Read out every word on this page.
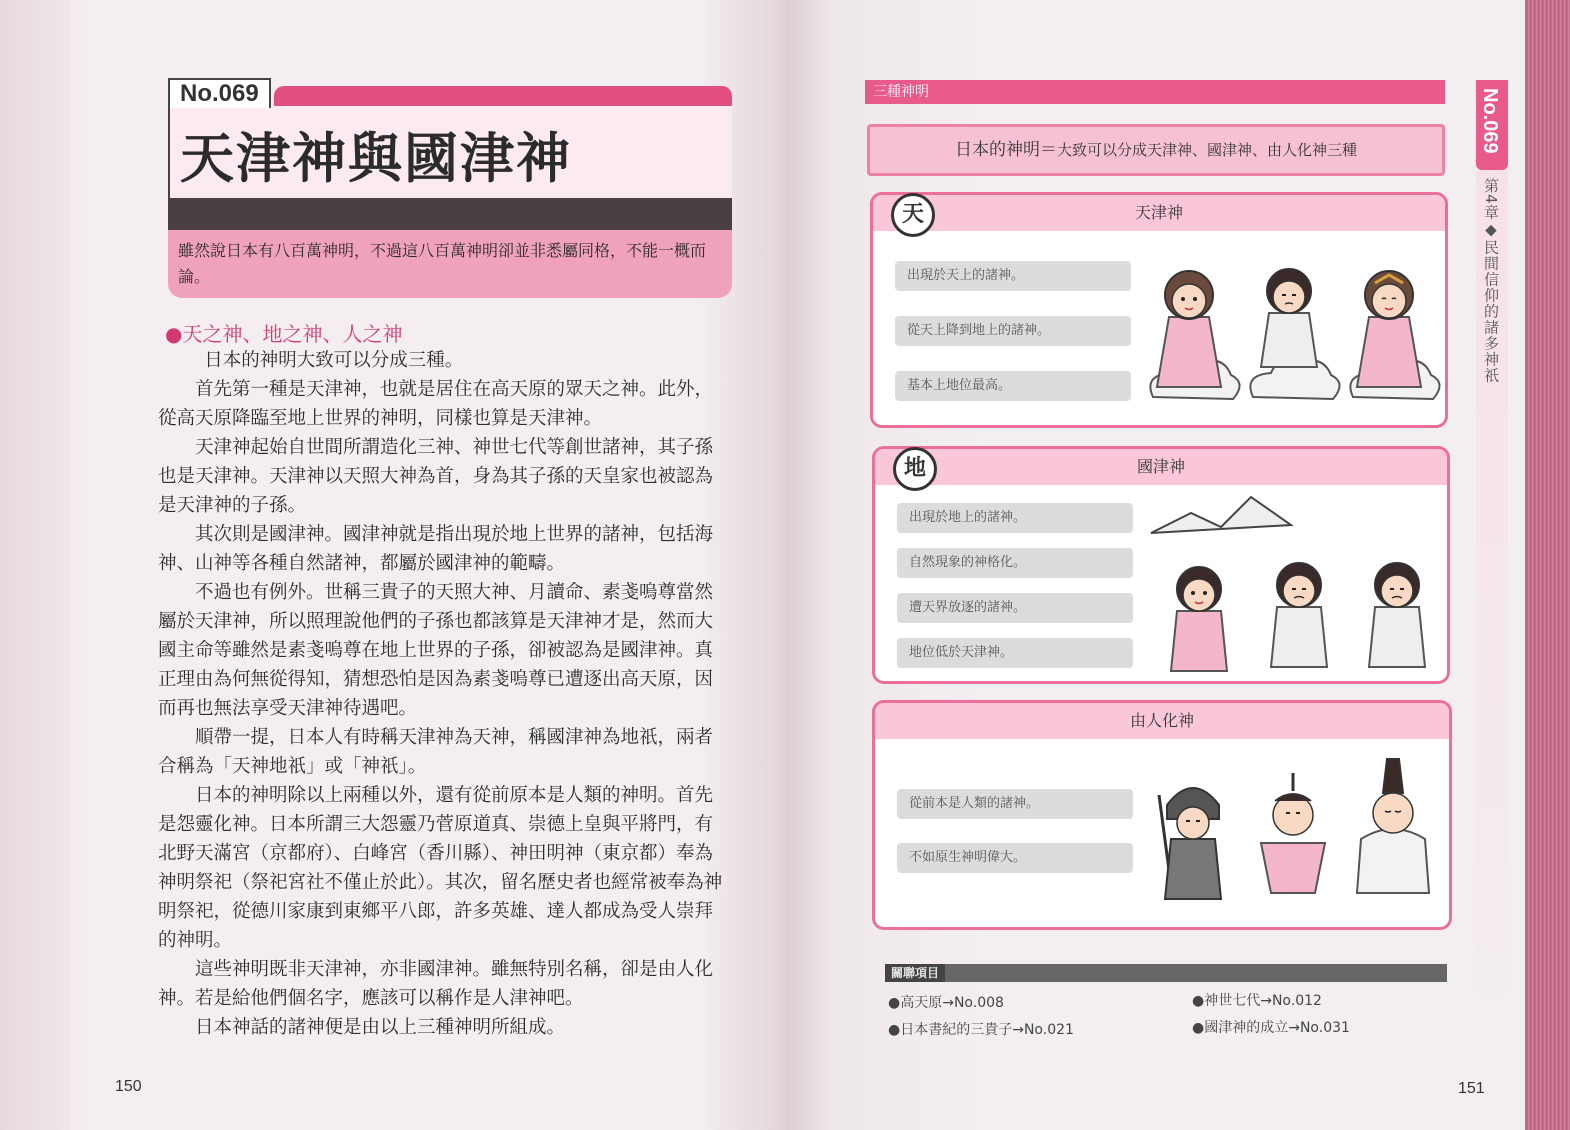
No.069
天津神與國津神
雖然說日本有八百萬神明，不過這八百萬神明卻並非悉屬同格，不能一概而論。
●天之神、地之神、人之神

日本的神明大致可以分成三種。

首先第一種是天津神，也就是居住在高天原的眾天之神。此外，從高天原降臨至地上世界的神明，同樣也算是天津神。

天津神起始自世間所謂造化三神、神世七代等創世諸神，其子孫也是天津神。天津神以天照大神為首，身為其子孫的天皇家也被認為是天津神的子孫。

其次則是國津神。國津神就是指出現於地上世界的諸神，包括海神、山神等各種自然諸神，都屬於國津神的範疇。

不過也有例外。世稱三貴子的天照大神、月讀命、素戔嗚尊當然屬於天津神，所以照理說他們的子孫也都該算是天津神才是，然而大國主命等雖然是素戔嗚尊在地上世界的子孫，卻被認為是國津神。真正理由為何無從得知，猜想恐怕是因為素戔嗚尊已遭逐出高天原，因而再也無法享受天津神待遇吧。

順帶一提，日本人有時稱天津神為天神，稱國津神為地祇，兩者合稱為「天神地祇」或「神祇」。

日本的神明除以上兩種以外，還有從前原本是人類的神明。首先是怨靈化神。日本所謂三大怨靈乃菅原道真、崇德上皇與平將門，有北野天滿宮（京都府）、白峰宮（香川縣）、神田明神（東京都）奉為神明祭祀（祭祀宮社不僅止於此）。其次，留名歷史者也經常被奉為神明祭祀，從德川家康到東鄉平八郎，許多英雄、達人都成為受人崇拜的神明。

這些神明既非天津神，亦非國津神。雖無特別名稱，卻是由人化神。若是給他們個名字，應該可以稱作是人津神吧。

日本神話的諸神便是由以上三種神明所組成。

150
三種神明
日本的神明＝大致可以分成天津神、國津神、由人化神三種
天津神
天
出現於天上的諸神。
從天上降到地上的諸神。
基本上地位最高。
國津神
地
出現於地上的諸神。
自然現象的神格化。
遭天界放逐的諸神。
地位低於天津神。
由人化神
從前本是人類的諸神。
不如原生神明偉大。
關聯項目
●高天原→No.008	●神世七代→No.012
●日本書紀的三貴子→No.021	●國津神的成立→No.031
No.069
第4章◆民間信仰的諸多神祇
151
